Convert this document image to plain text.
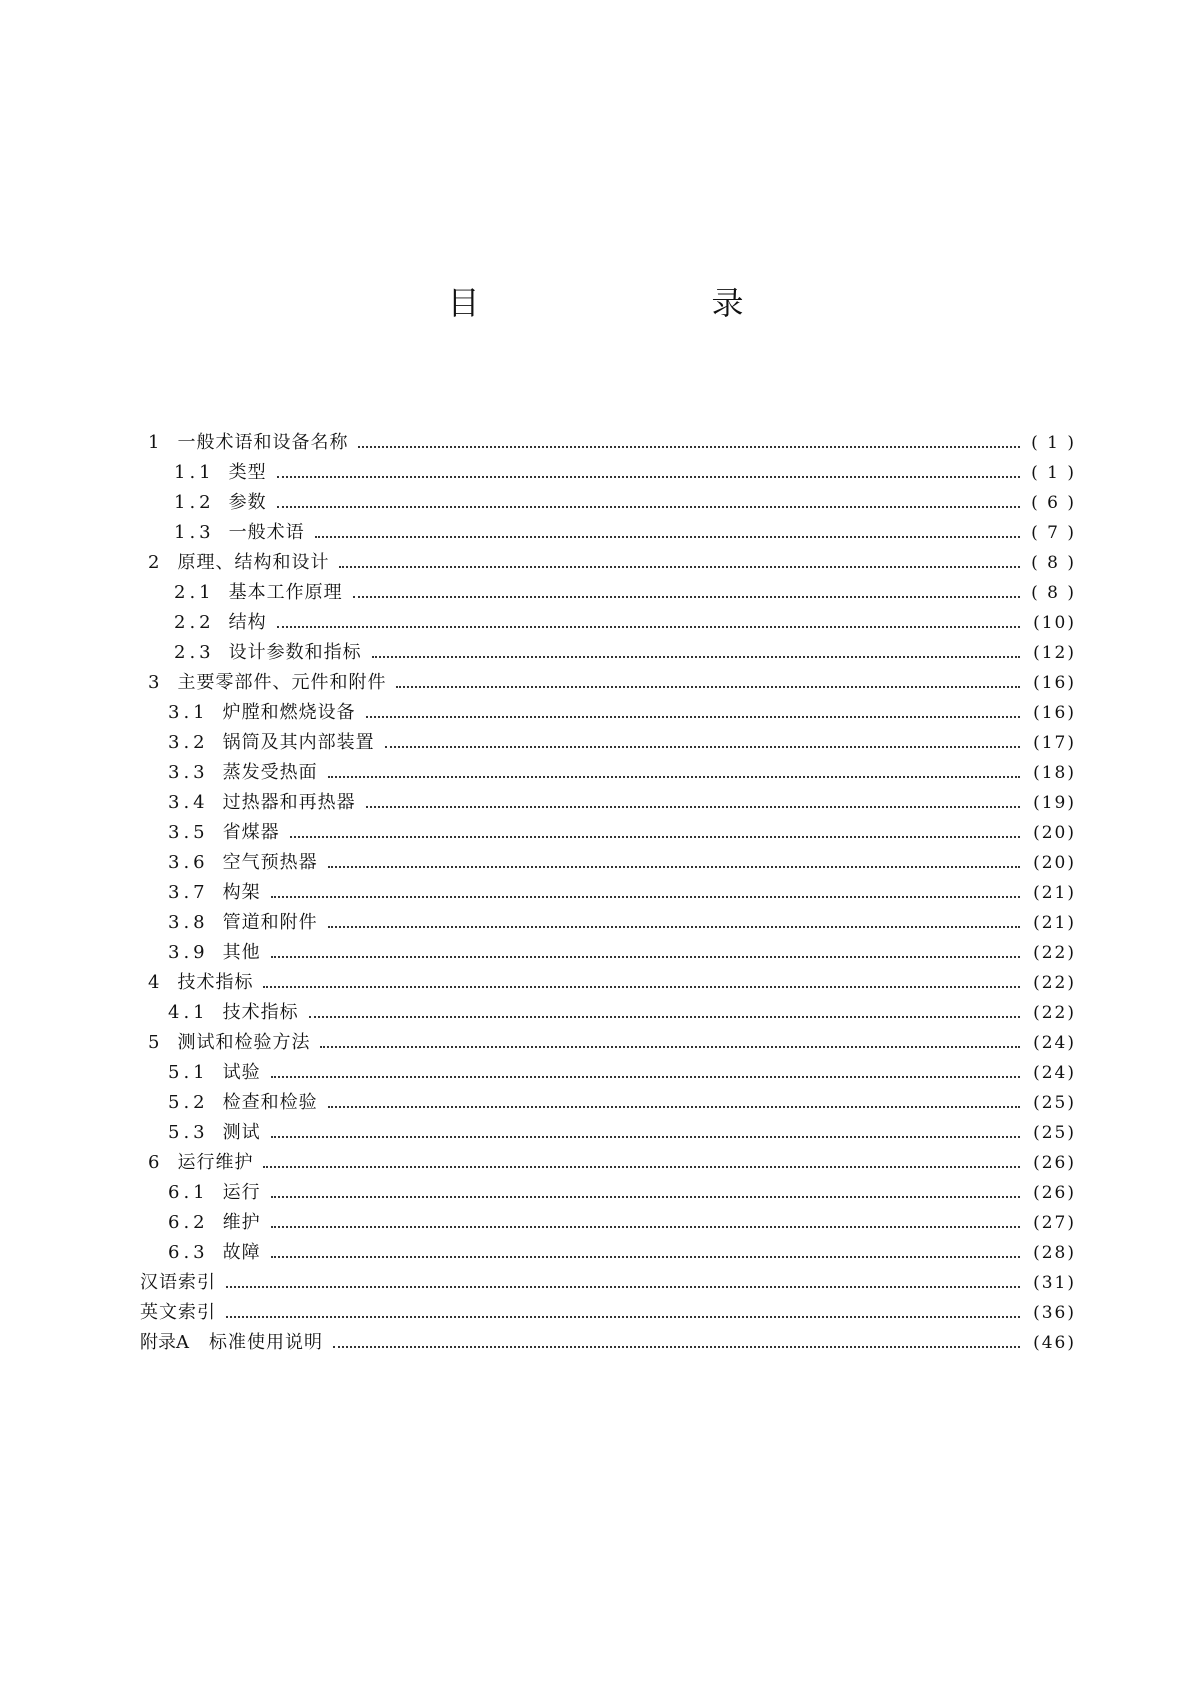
目　录
1 一般术语和设备名称	( 1 )
1.1 类型	( 1 )
1.2 参数	( 6 )
1.3 一般术语	( 7 )
2 原理、结构和设计	( 8 )
2.1 基本工作原理	( 8 )
2.2 结构	(10)
2.3 设计参数和指标	(12)
3 主要零部件、元件和附件	(16)
3.1 炉膛和燃烧设备	(16)
3.2 锅筒及其内部装置	(17)
3.3 蒸发受热面	(18)
3.4 过热器和再热器	(19)
3.5 省煤器	(20)
3.6 空气预热器	(20)
3.7 构架	(21)
3.8 管道和附件	(21)
3.9 其他	(22)
4 技术指标	(22)
4.1 技术指标	(22)
5 测试和检验方法	(24)
5.1 试验	(24)
5.2 检查和检验	(25)
5.3 测试	(25)
6 运行维护	(26)
6.1 运行	(26)
6.2 维护	(27)
6.3 故障	(28)
汉语索引	(31)
英文索引	(36)
附录A 标准使用说明	(46)
